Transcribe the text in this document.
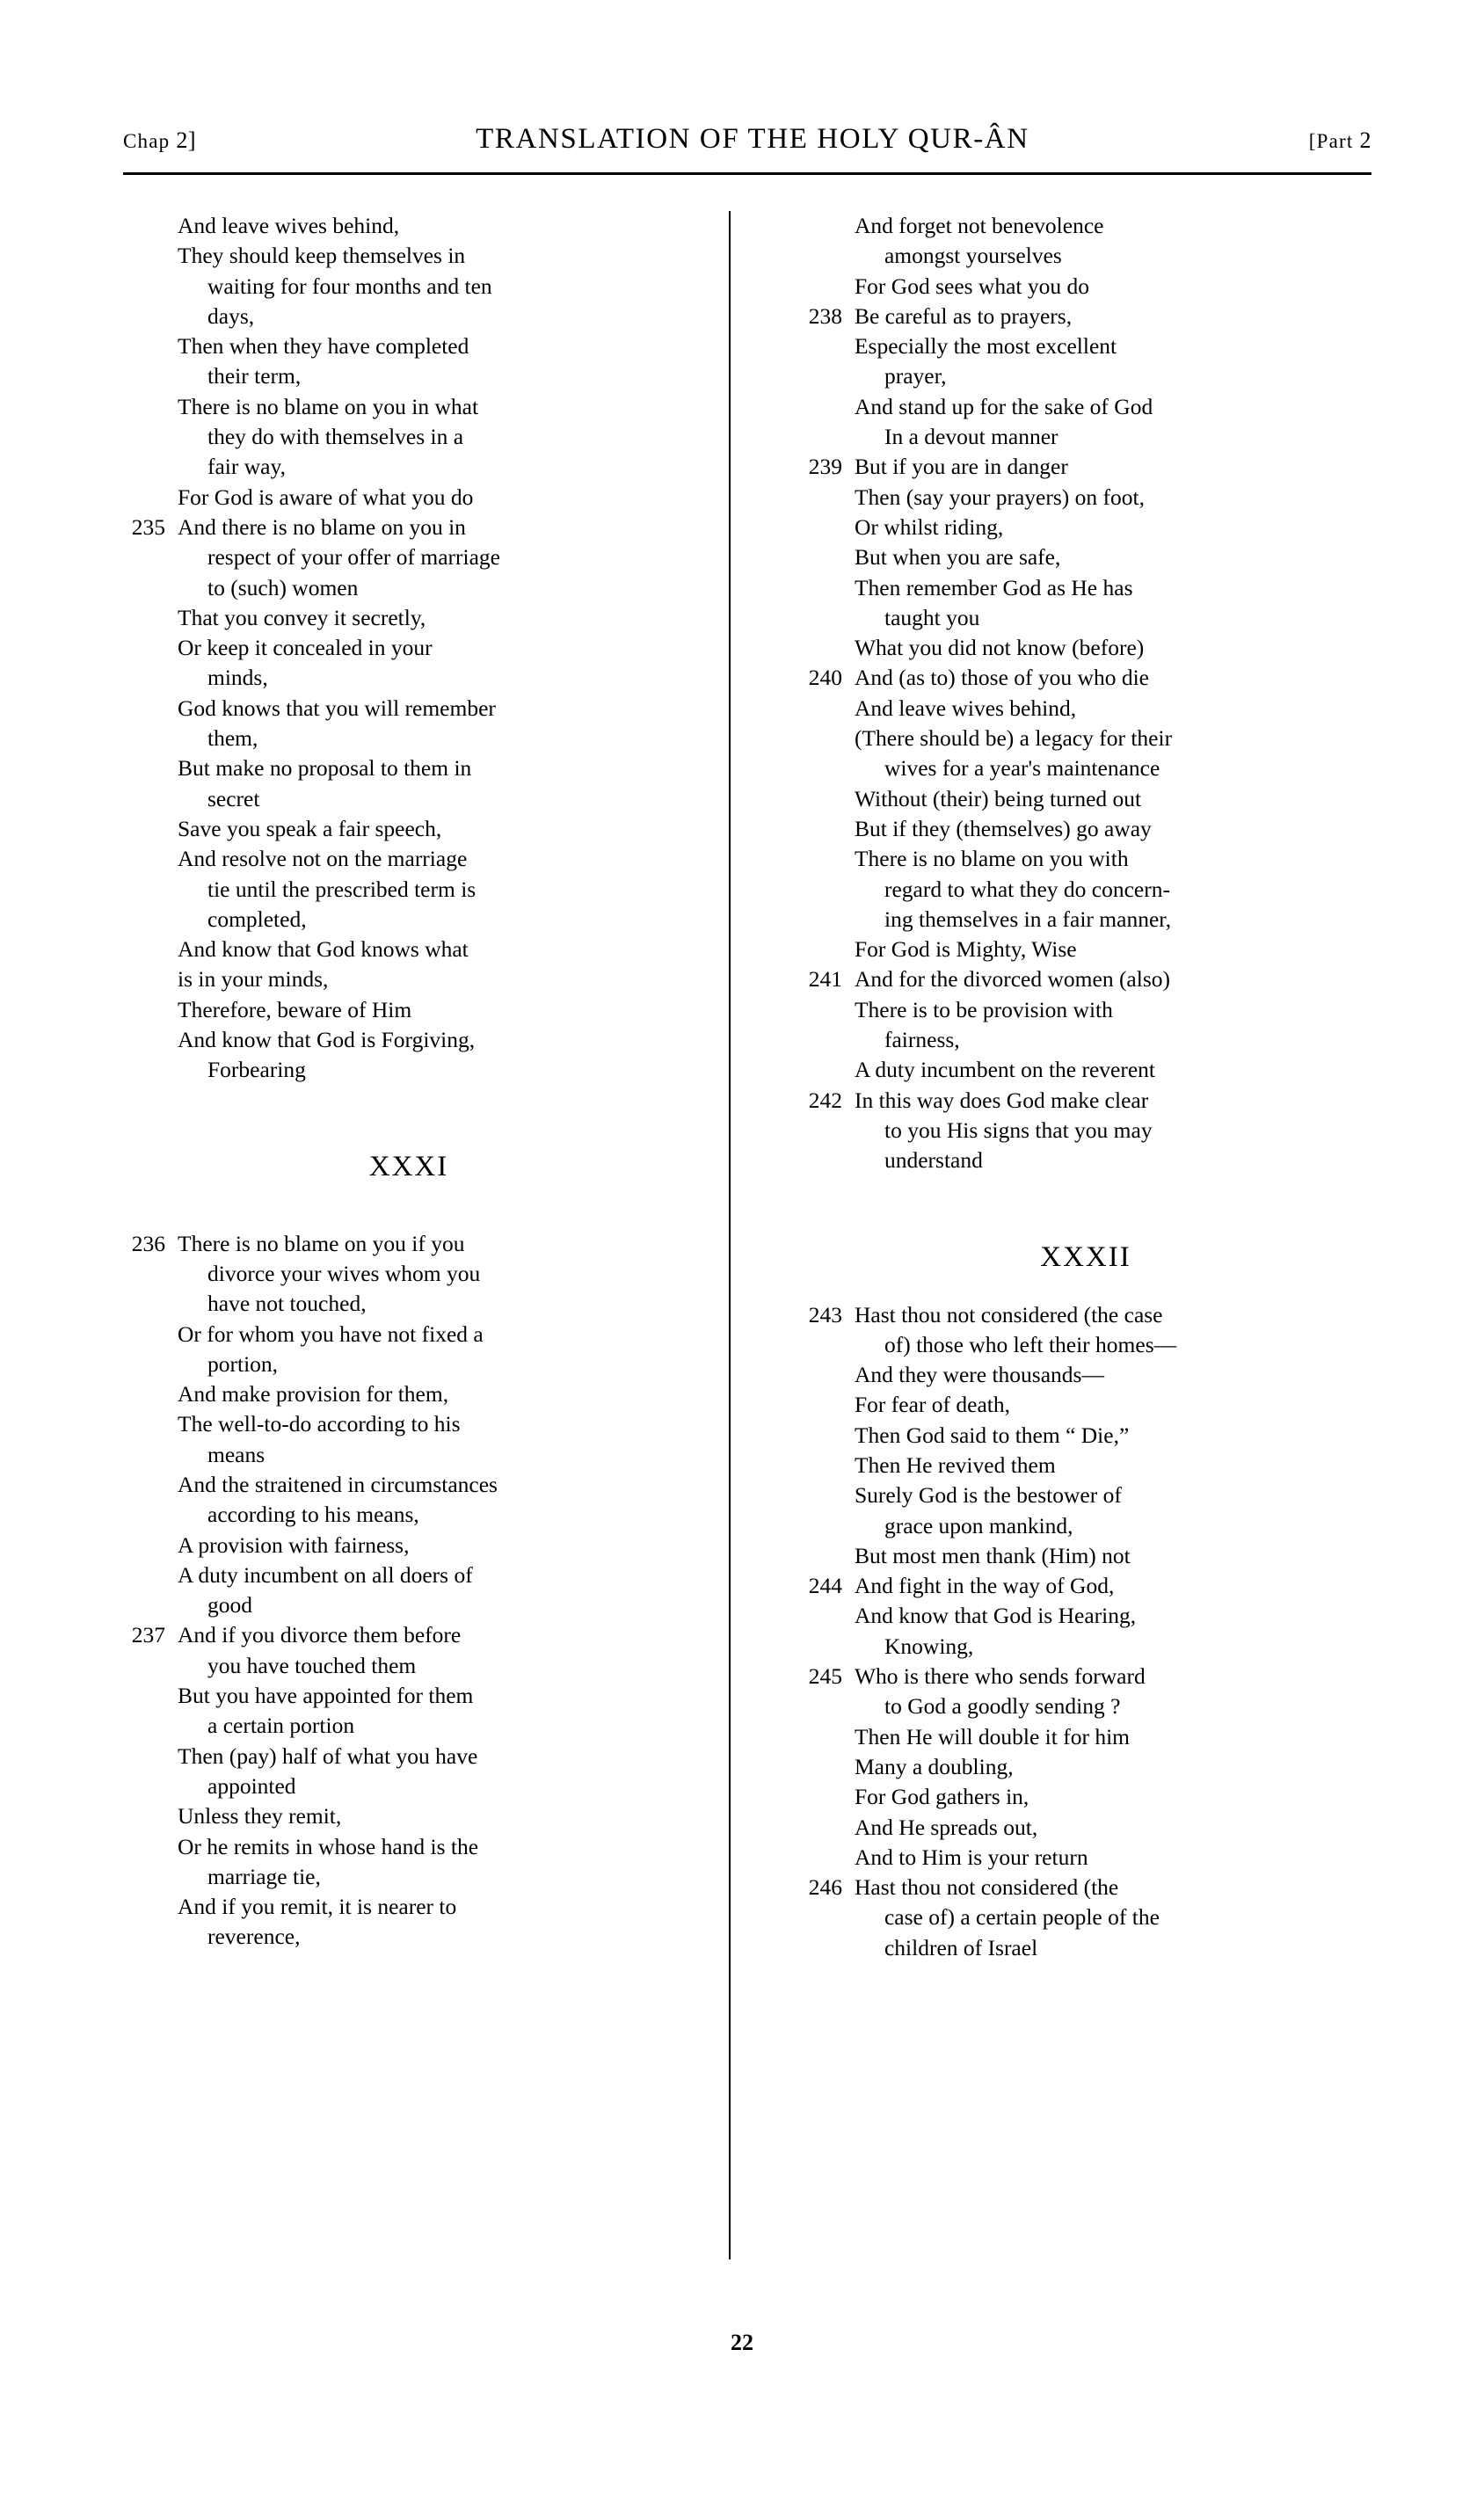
Chap 2]	TRANSLATION OF THE HOLY QUR-ÂN	[Part 2
And leave wives behind,
They should keep themselves in
waiting for four months and ten
days,
Then when they have completed
their term,
There is no blame on you in what
they do with themselves in a
fair way,
For God is aware of what you do
235 And there is no blame on you in
respect of your offer of marriage
to (such) women
That you convey it secretly,
Or keep it concealed in your
minds,
God knows that you will remember
them,
But make no proposal to them in
secret
Save you speak a fair speech,
And resolve not on the marriage
tie until the prescribed term is
completed,
And know that God knows what
is in your minds,
Therefore, beware of Him
And know that God is Forgiving,
Forbearing
XXXI
236 There is no blame on you if you
divorce your wives whom you
have not touched,
Or for whom you have not fixed a
portion,
And make provision for them,
The well-to-do according to his
means
And the straitened in circumstances
according to his means,
A provision with fairness,
A duty incumbent on all doers of
good
237 And if you divorce them before
you have touched them
But you have appointed for them
a certain portion
Then (pay) half of what you have
appointed
Unless they remit,
Or he remits in whose hand is the
marriage tie,
And if you remit, it is nearer to
reverence,
And forget not benevolence
amongst yourselves
For God sees what you do
238 Be careful as to prayers,
Especially the most excellent
prayer,
And stand up for the sake of God
In a devout manner
239 But if you are in danger
Then (say your prayers) on foot,
Or whilst riding,
But when you are safe,
Then remember God as He has
taught you
What you did not know (before)
240 And (as to) those of you who die
And leave wives behind,
(There should be) a legacy for their
wives for a year's maintenance
Without (their) being turned out
But if they (themselves) go away
There is no blame on you with
regard to what they do concern-
ing themselves in a fair manner,
For God is Mighty, Wise
241 And for the divorced women (also)
There is to be provision with
fairness,
A duty incumbent on the reverent
242 In this way does God make clear
to you His signs that you may
understand
XXXII
243 Hast thou not considered (the case
of) those who left their homes—
And they were thousands—
For fear of death,
Then God said to them “ Die,”
Then He revived them
Surely God is the bestower of
grace upon mankind,
But most men thank (Him) not
244 And fight in the way of God,
And know that God is Hearing,
Knowing,
245 Who is there who sends forward
to God a goodly sending ?
Then He will double it for him
Many a doubling,
For God gathers in,
And He spreads out,
And to Him is your return
246 Hast thou not considered (the
case of) a certain people of the
children of Israel
22
